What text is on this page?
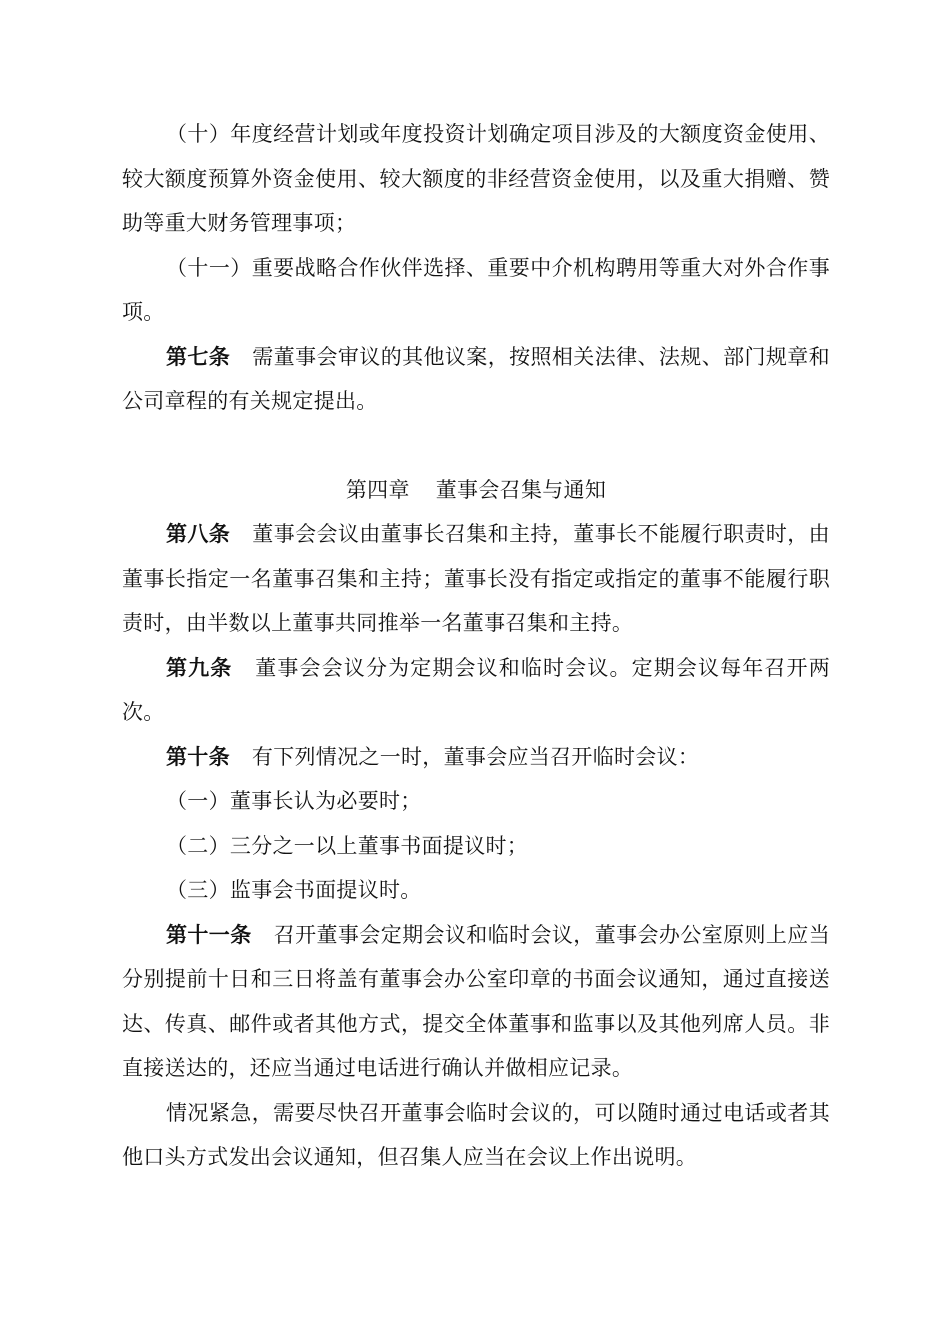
（十）年度经营计划或年度投资计划确定项目涉及的大额度资金使用、较大额度预算外资金使用、较大额度的非经营资金使用，以及重大捐赠、赞助等重大财务管理事项；

（十一）重要战略合作伙伴选择、重要中介机构聘用等重大对外合作事项。

第七条 需董事会审议的其他议案，按照相关法律、法规、部门规章和公司章程的有关规定提出。

第四章 董事会召集与通知

第八条 董事会会议由董事长召集和主持，董事长不能履行职责时，由董事长指定一名董事召集和主持；董事长没有指定或指定的董事不能履行职责时，由半数以上董事共同推举一名董事召集和主持。

第九条 董事会会议分为定期会议和临时会议。定期会议每年召开两次。

第十条 有下列情况之一时，董事会应当召开临时会议：

（一）董事长认为必要时；

（二）三分之一以上董事书面提议时；

（三）监事会书面提议时。

第十一条 召开董事会定期会议和临时会议，董事会办公室原则上应当分别提前十日和三日将盖有董事会办公室印章的书面会议通知，通过直接送达、传真、邮件或者其他方式，提交全体董事和监事以及其他列席人员。非直接送达的，还应当通过电话进行确认并做相应记录。

情况紧急，需要尽快召开董事会临时会议的，可以随时通过电话或者其他口头方式发出会议通知，但召集人应当在会议上作出说明。
